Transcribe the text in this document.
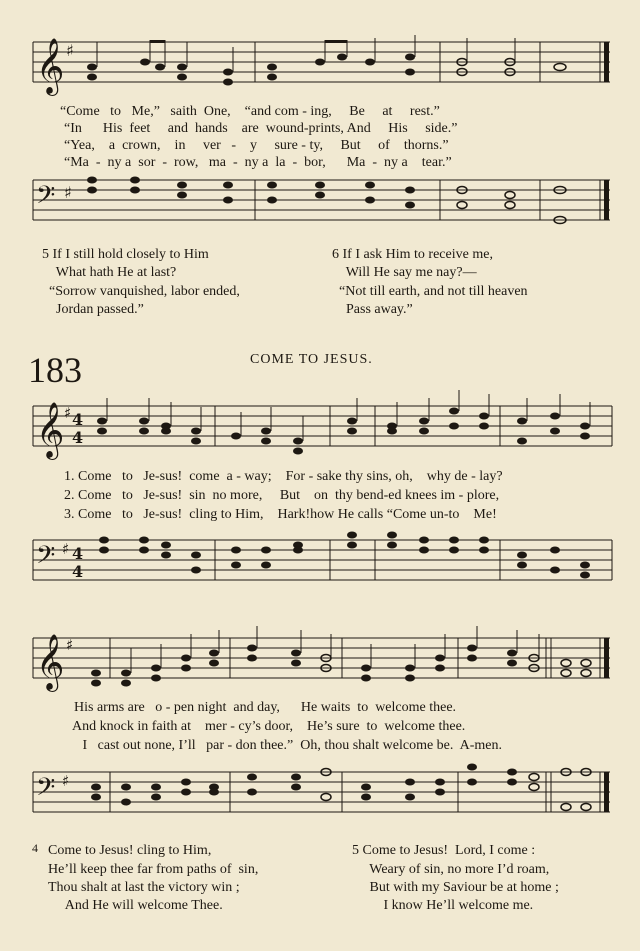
𝄞 ♯
“Come   to   Me,”   saith  One,    “and com - ing,     Be     at     rest.”
“In      His  feet     and  hands    are  wound-prints, And     His     side.”
“Yea,    a  crown,    in     ver   -    y     sure - ty,     But     of    thorns.”
“Ma  -  ny a  sor  -  row,   ma  -  ny a  la  -  bor,      Ma  -  ny a    tear.”
𝄢 ♯
5 If I still hold closely to Him
What hath He at last?
“Sorrow vanquished, labor ended,
Jordan passed.”
6 If I ask Him to receive me,
Will He say me nay?—
“Not till earth, and not till heaven
Pass away.”
183	COME TO JESUS.
𝄞 ♯ 4
4
1. Come   to   Je-sus!  come  a - way;    For - sake thy sins, oh,    why de - lay?
2. Come   to   Je-sus!  sin  no more,     But    on  thy bend-ed knees im - plore,
3. Come   to   Je-sus!  cling to Him,    Hark!how He calls “Come un-to    Me!
𝄢 ♯ 4
4
𝄞 ♯
His arms are   o - pen night  and day,      He waits  to  welcome thee.
And knock in faith at    mer - cy’s door,    He’s sure  to  welcome thee.
I   cast out none, I’ll   par - don thee.”  Oh, thou shalt welcome be.  A-men.
𝄢 ♯
4 Come to Jesus! cling to Him,
He’ll keep thee far from paths of  sin,
Thou shalt at last the victory win ;
And He will welcome Thee.
5 Come to Jesus!  Lord, I come :
Weary of sin, no more I’d roam,
But with my Saviour be at home ;
I know He’ll welcome me.
